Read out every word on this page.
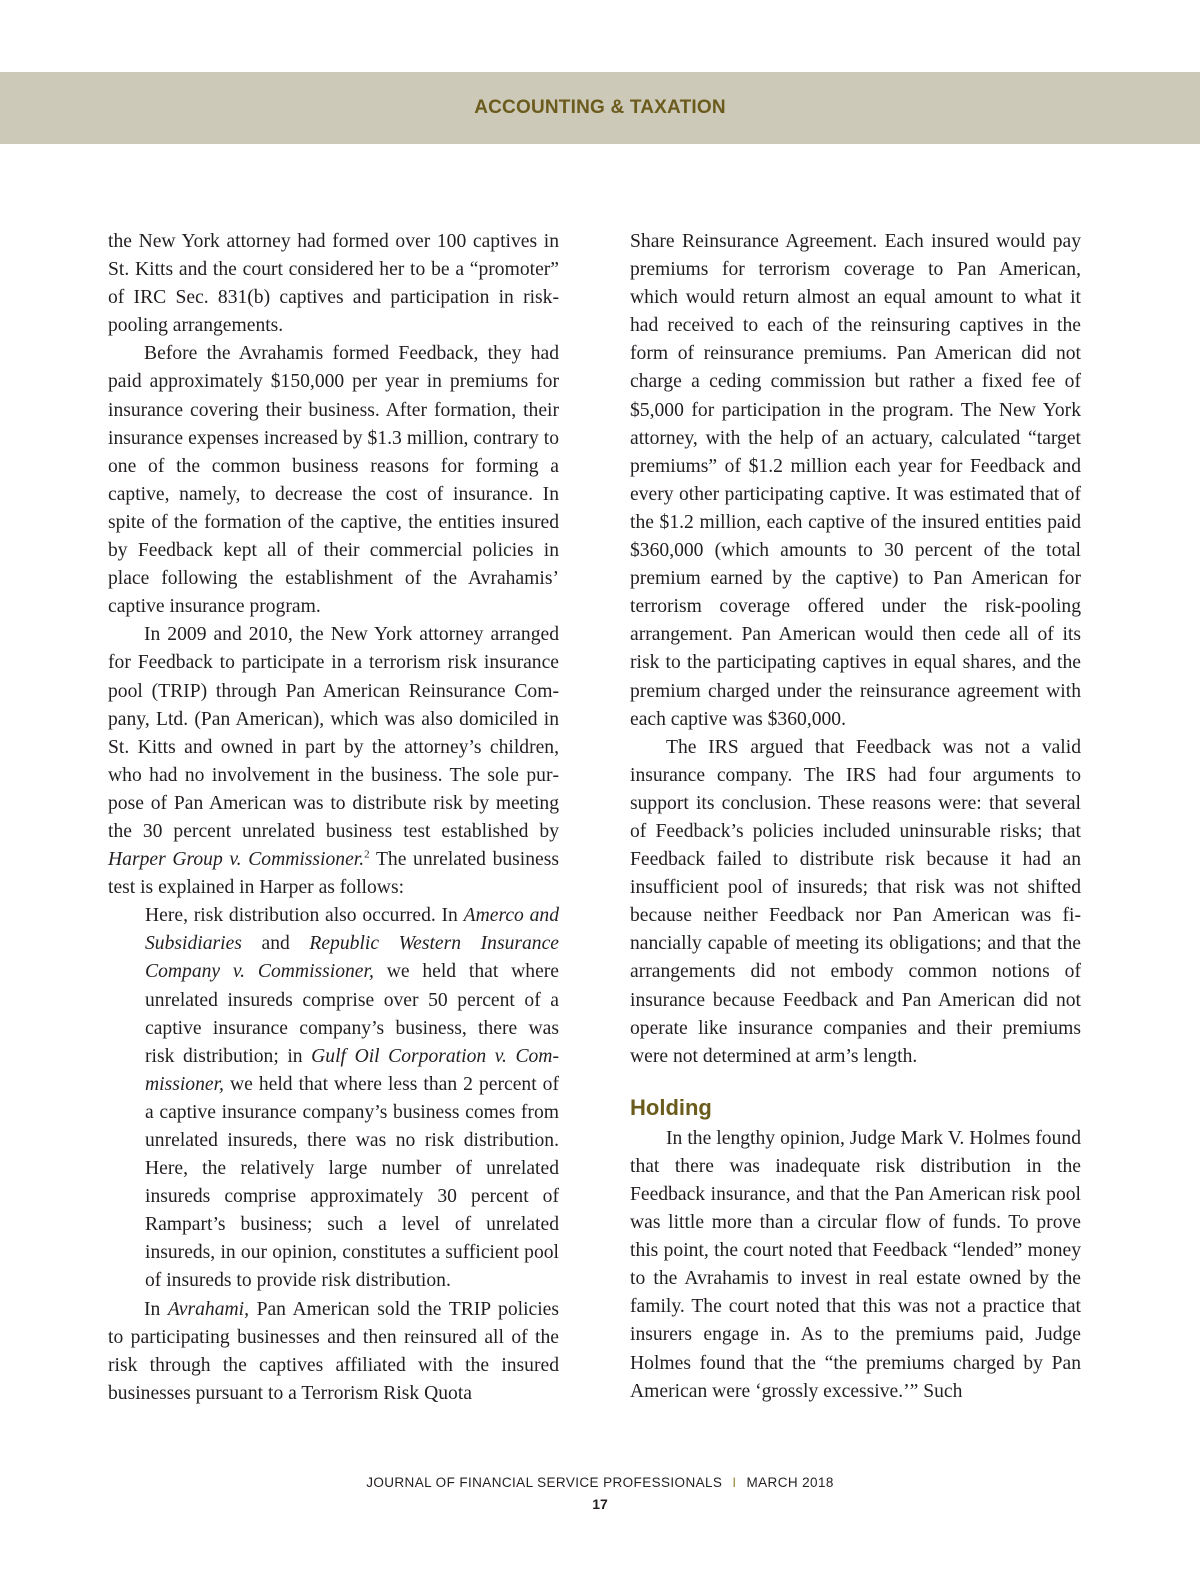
ACCOUNTING & TAXATION

the New York attorney had formed over 100 captives in St. Kitts and the court considered her to be a “promoter” of IRC Sec. 831(b) captives and participation in risk-pooling arrangements.

Before the Avrahamis formed Feedback, they had paid approximately $150,000 per year in premiums for insurance covering their business. After formation, their insurance expenses increased by $1.3 million, contrary to one of the common business reasons for forming a captive, namely, to decrease the cost of insurance. In spite of the formation of the captive, the entities insured by Feedback kept all of their commercial policies in place following the establishment of the Avrahamis’ captive insurance program.

In 2009 and 2010, the New York attorney arranged for Feedback to participate in a terrorism risk insurance pool (TRIP) through Pan American Reinsurance Company, Ltd. (Pan American), which was also domiciled in St. Kitts and owned in part by the attorney’s children, who had no involvement in the business. The sole purpose of Pan American was to distribute risk by meeting the 30 percent unrelated business test established by Harper Group v. Commissioner.$^2$ The unrelated business test is explained in Harper as follows:

Here, risk distribution also occurred. In Amerco and Subsidiaries and Republic Western Insurance Company v. Commissioner, we held that where unrelated insureds comprise over 50 percent of a captive insurance company’s business, there was risk distribution; in Gulf Oil Corporation v. Commissioner, we held that where less than 2 percent of a captive insurance company’s business comes from unrelated insureds, there was no risk distribution. Here, the relatively large number of unrelated insureds comprise approximately 30 percent of Rampart’s business; such a level of unrelated insureds, in our opinion, constitutes a sufficient pool of insureds to provide risk distribution.

In Avrahami, Pan American sold the TRIP policies to participating businesses and then reinsured all of the risk through the captives affiliated with the insured businesses pursuant to a Terrorism Risk Quota

Share Reinsurance Agreement. Each insured would pay premiums for terrorism coverage to Pan American, which would return almost an equal amount to what it had received to each of the reinsuring captives in the form of reinsurance premiums. Pan American did not charge a ceding commission but rather a fixed fee of $5,000 for participation in the program. The New York attorney, with the help of an actuary, calculated “target premiums” of $1.2 million each year for Feedback and every other participating captive. It was estimated that of the $1.2 million, each captive of the insured entities paid $360,000 (which amounts to 30 percent of the total premium earned by the captive) to Pan American for terrorism coverage offered under the risk-pooling arrangement. Pan American would then cede all of its risk to the participating captives in equal shares, and the premium charged under the reinsurance agreement with each captive was $360,000.

The IRS argued that Feedback was not a valid insurance company. The IRS had four arguments to support its conclusion. These reasons were: that several of Feedback’s policies included uninsurable risks; that Feedback failed to distribute risk because it had an insufficient pool of insureds; that risk was not shifted because neither Feedback nor Pan American was financially capable of meeting its obligations; and that the arrangements did not embody common notions of insurance because Feedback and Pan American did not operate like insurance companies and their premiums were not determined at arm’s length.

Holding

In the lengthy opinion, Judge Mark V. Holmes found that there was inadequate risk distribution in the Feedback insurance, and that the Pan American risk pool was little more than a circular flow of funds. To prove this point, the court noted that Feedback “lended” money to the Avrahamis to invest in real estate owned by the family. The court noted that this was not a practice that insurers engage in. As to the premiums paid, Judge Holmes found that the “the premiums charged by Pan American were ‘grossly excessive.’” Such

JOURNAL OF FINANCIAL SERVICE PROFESSIONALS I MARCH 2018
17
